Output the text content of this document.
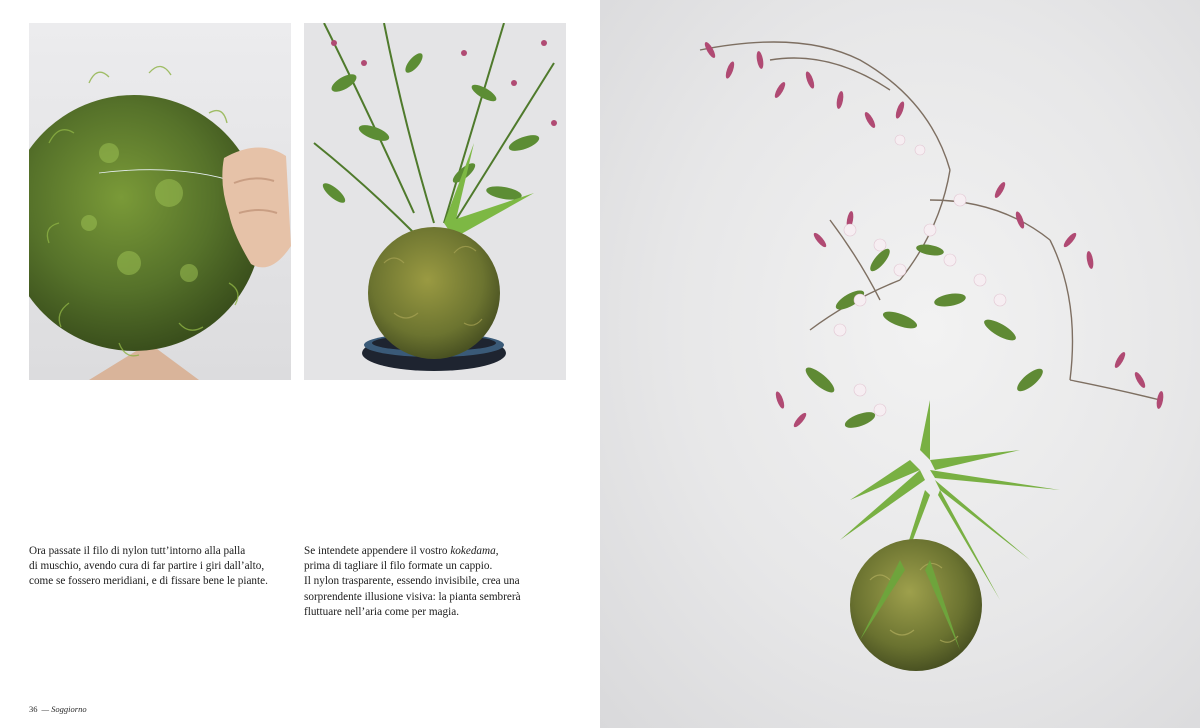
Ora passate il filo di nylon tutt’intorno alla palla

di muschio, avendo cura di far partire i giri dall’alto,

come se fossero meridiani, e di fissare bene le piante.

Se intendete appendere il vostro kokedama,

prima di tagliare il filo formate un cappio.

Il nylon trasparente, essendo invisibile, crea una

sorprendente illusione visiva: la pianta sembrerà

fluttuare nell’aria come per magia.

36 — Soggiorno
